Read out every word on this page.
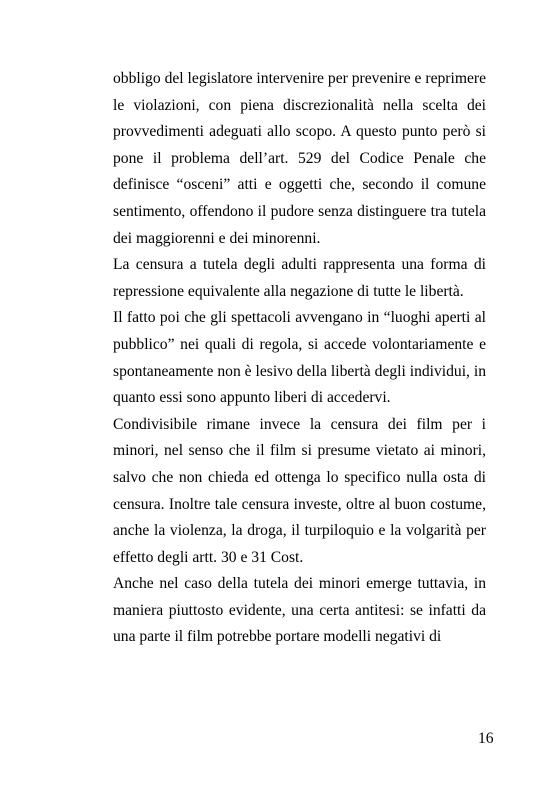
obbligo del legislatore intervenire per prevenire e reprimere le violazioni, con piena discrezionalità nella scelta dei provvedimenti adeguati allo scopo. A questo punto però si pone il problema dell’art. 529 del Codice Penale che definisce “osceni” atti e oggetti che, secondo il comune sentimento, offendono il pudore senza distinguere tra tutela dei maggiorenni e dei minorenni.

La censura a tutela degli adulti rappresenta una forma di repressione equivalente alla negazione di tutte le libertà.

Il fatto poi che gli spettacoli avvengano in “luoghi aperti al pubblico” nei quali di regola, si accede volontariamente e spontaneamente non è lesivo della libertà degli individui, in quanto essi sono appunto liberi di accedervi.

Condivisibile rimane invece la censura dei film per i minori, nel senso che il film si presume vietato ai minori, salvo che non chieda ed ottenga lo specifico nulla osta di censura. Inoltre tale censura investe, oltre al buon costume, anche la violenza, la droga, il turpiloquio e la volgarità per effetto degli artt. 30 e 31 Cost.

Anche nel caso della tutela dei minori emerge tuttavia, in maniera piuttosto evidente, una certa antitesi: se infatti da una parte il film potrebbe portare modelli negativi di

16
